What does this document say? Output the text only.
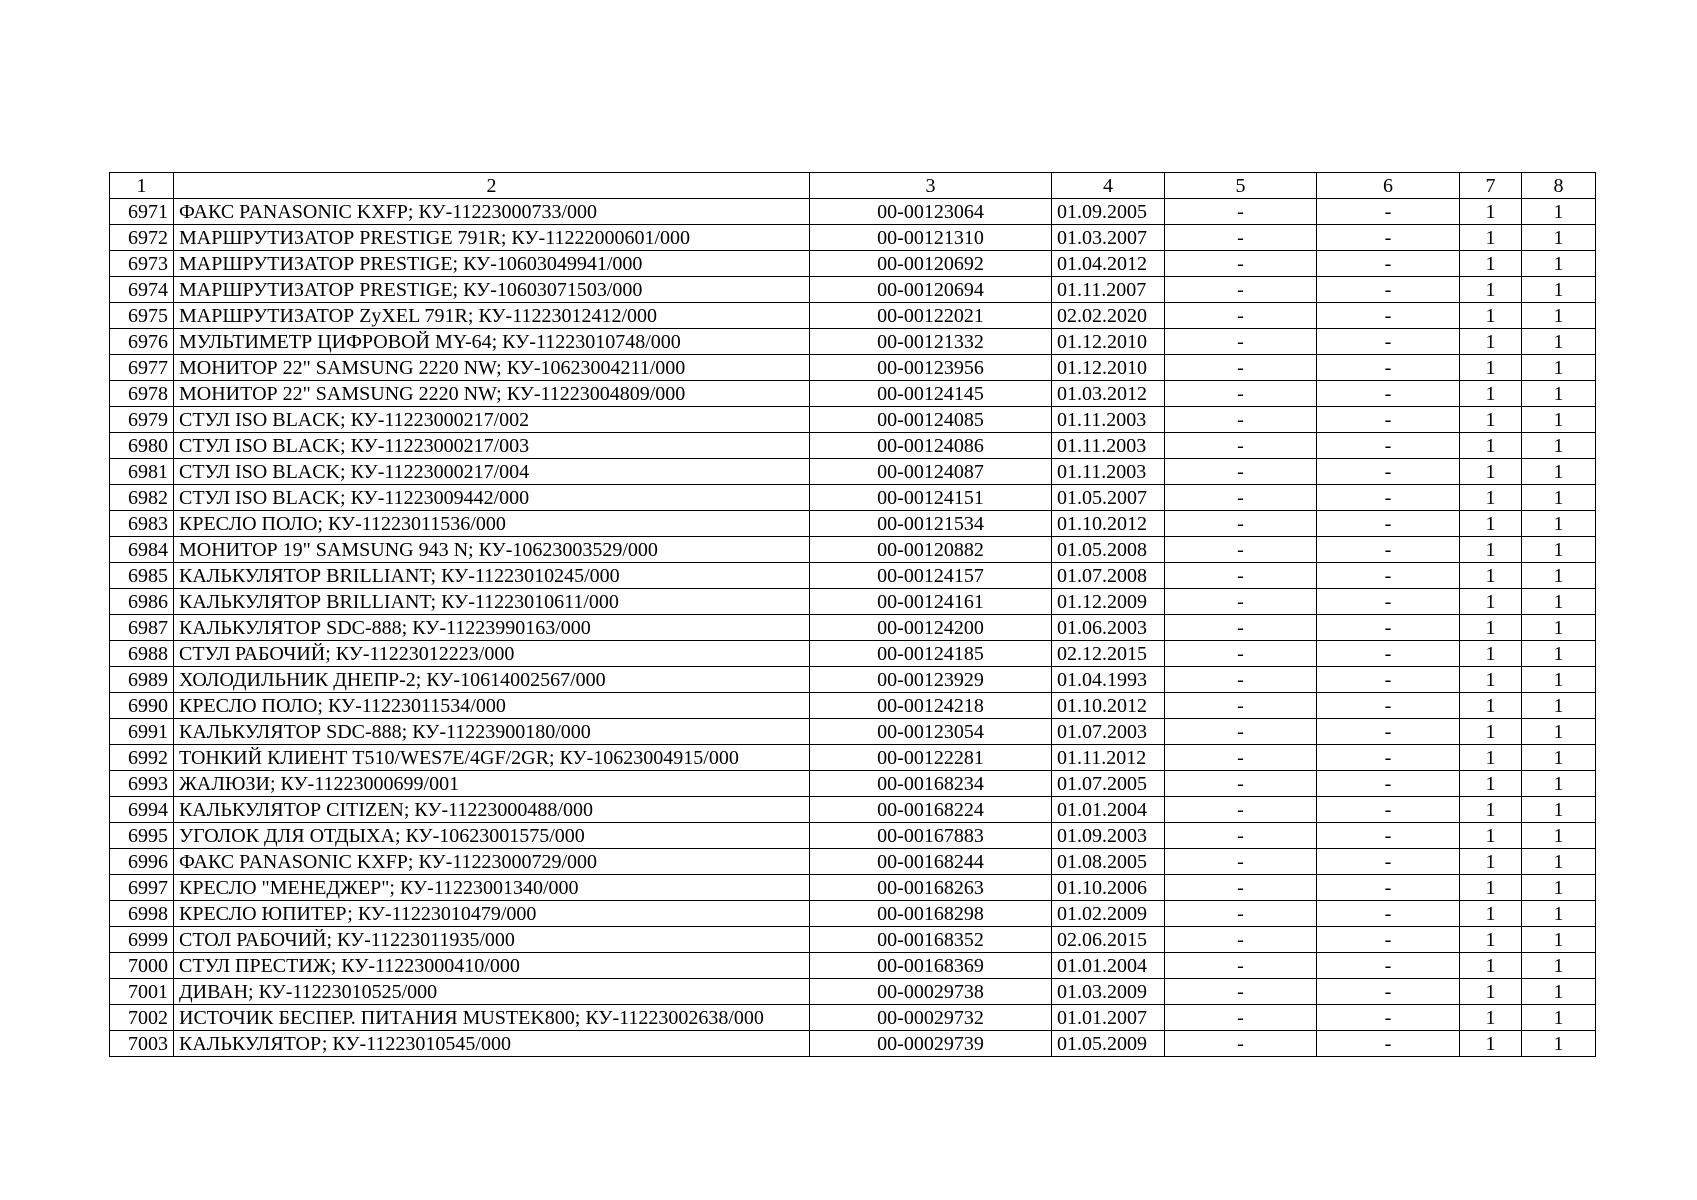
1	2	3	4	5	6	7	8
6971	ФАКС PANASONIC KXFP; КУ-11223000733/000	00-00123064	01.09.2005	-	-	1	1
6972	МАРШРУТИЗАТОР PRESTIGE 791R; КУ-11222000601/000	00-00121310	01.03.2007	-	-	1	1
6973	МАРШРУТИЗАТОР PRESTIGE; КУ-10603049941/000	00-00120692	01.04.2012	-	-	1	1
6974	МАРШРУТИЗАТОР PRESTIGE; КУ-10603071503/000	00-00120694	01.11.2007	-	-	1	1
6975	МАРШРУТИЗАТОР ZyXEL 791R; КУ-11223012412/000	00-00122021	02.02.2020	-	-	1	1
6976	МУЛЬТИМЕТР ЦИФРОВОЙ MY-64; КУ-11223010748/000	00-00121332	01.12.2010	-	-	1	1
6977	МОНИТОР 22" SAMSUNG 2220 NW; КУ-10623004211/000	00-00123956	01.12.2010	-	-	1	1
6978	МОНИТОР 22" SAMSUNG 2220 NW; КУ-11223004809/000	00-00124145	01.03.2012	-	-	1	1
6979	СТУЛ ISO BLACK; КУ-11223000217/002	00-00124085	01.11.2003	-	-	1	1
6980	СТУЛ ISO BLACK; КУ-11223000217/003	00-00124086	01.11.2003	-	-	1	1
6981	СТУЛ ISO BLACK; КУ-11223000217/004	00-00124087	01.11.2003	-	-	1	1
6982	СТУЛ ISO BLACK; КУ-11223009442/000	00-00124151	01.05.2007	-	-	1	1
6983	КРЕСЛО ПОЛО; КУ-11223011536/000	00-00121534	01.10.2012	-	-	1	1
6984	МОНИТОР 19" SAMSUNG 943 N; КУ-10623003529/000	00-00120882	01.05.2008	-	-	1	1
6985	КАЛЬКУЛЯТОР BRILLIANT; КУ-11223010245/000	00-00124157	01.07.2008	-	-	1	1
6986	КАЛЬКУЛЯТОР BRILLIANT; КУ-11223010611/000	00-00124161	01.12.2009	-	-	1	1
6987	КАЛЬКУЛЯТОР SDC-888; КУ-11223990163/000	00-00124200	01.06.2003	-	-	1	1
6988	СТУЛ РАБОЧИЙ; КУ-11223012223/000	00-00124185	02.12.2015	-	-	1	1
6989	ХОЛОДИЛЬНИК ДНЕПР-2; КУ-10614002567/000	00-00123929	01.04.1993	-	-	1	1
6990	КРЕСЛО ПОЛО; КУ-11223011534/000	00-00124218	01.10.2012	-	-	1	1
6991	КАЛЬКУЛЯТОР SDC-888; КУ-11223900180/000	00-00123054	01.07.2003	-	-	1	1
6992	ТОНКИЙ КЛИЕНТ T510/WES7E/4GF/2GR; КУ-10623004915/000	00-00122281	01.11.2012	-	-	1	1
6993	ЖАЛЮЗИ; КУ-11223000699/001	00-00168234	01.07.2005	-	-	1	1
6994	КАЛЬКУЛЯТОР CITIZEN; КУ-11223000488/000	00-00168224	01.01.2004	-	-	1	1
6995	УГОЛОК ДЛЯ ОТДЫХА; КУ-10623001575/000	00-00167883	01.09.2003	-	-	1	1
6996	ФАКС PANASONIC KXFP; КУ-11223000729/000	00-00168244	01.08.2005	-	-	1	1
6997	КРЕСЛО "МЕНЕДЖЕР"; КУ-11223001340/000	00-00168263	01.10.2006	-	-	1	1
6998	КРЕСЛО ЮПИТЕР; КУ-11223010479/000	00-00168298	01.02.2009	-	-	1	1
6999	СТОЛ РАБОЧИЙ; КУ-11223011935/000	00-00168352	02.06.2015	-	-	1	1
7000	СТУЛ ПРЕСТИЖ; КУ-11223000410/000	00-00168369	01.01.2004	-	-	1	1
7001	ДИВАН; КУ-11223010525/000	00-00029738	01.03.2009	-	-	1	1
7002	ИСТОЧИК БЕСПЕР. ПИТАНИЯ MUSTEK800; КУ-11223002638/000	00-00029732	01.01.2007	-	-	1	1
7003	КАЛЬКУЛЯТОР; КУ-11223010545/000	00-00029739	01.05.2009	-	-	1	1
